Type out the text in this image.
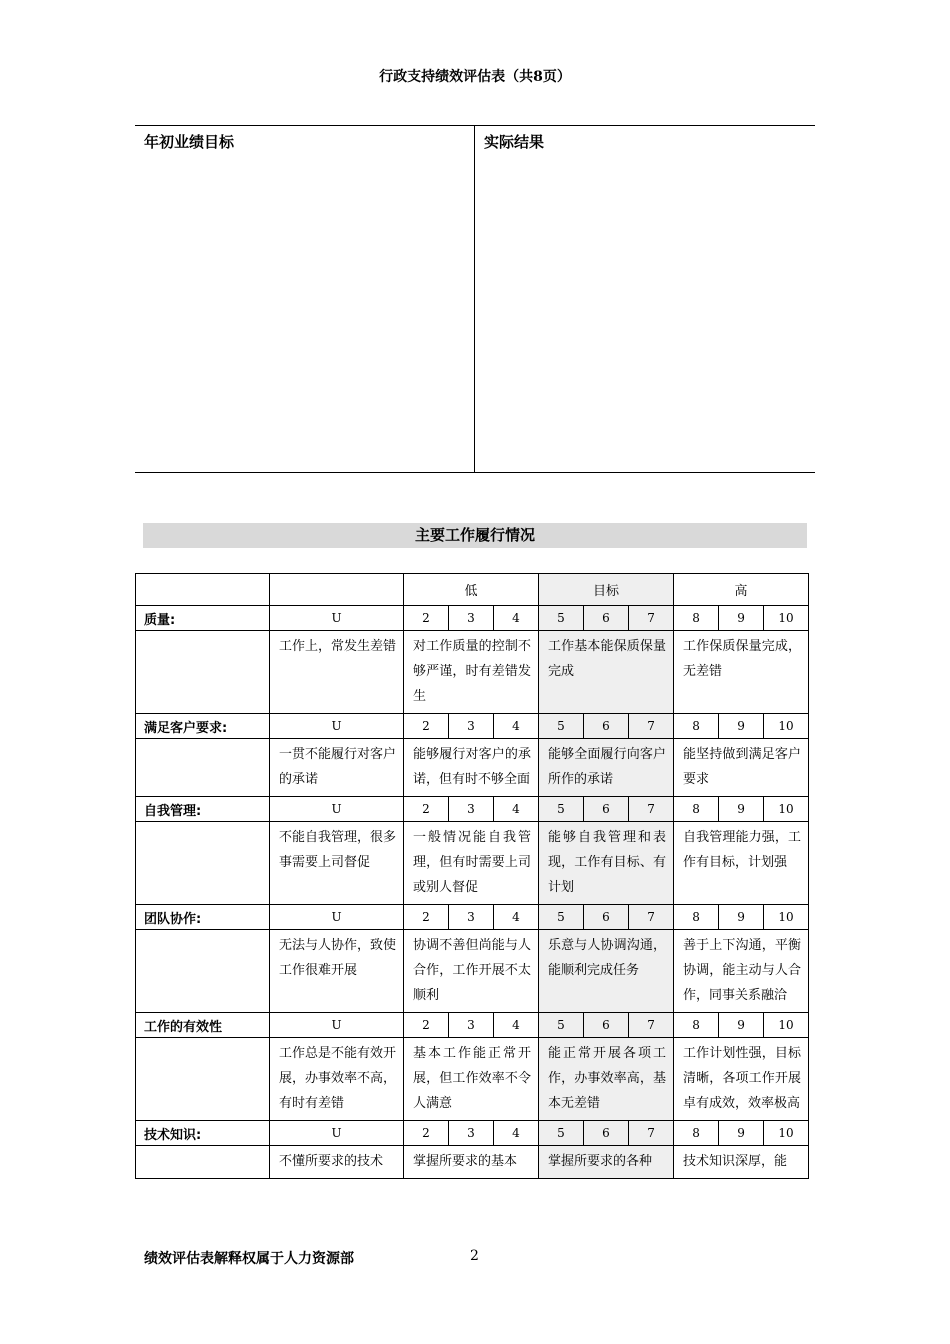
行政支持绩效评估表（共8页）
年初业绩目标	实际结果
主要工作履行情况
		低			目标			高		
质量:	U	2	3	4	5	6	7	8	9	10
	工作上，常发生差错	对工作质量的控制不够严谨，时有差错发生			工作基本能保质保量完成			工作保质保量完成，无差错		
满足客户要求:	U	2	3	4	5	6	7	8	9	10
	一贯不能履行对客户的承诺	能够履行对客户的承诺，但有时不够全面			能够全面履行向客户所作的承诺			能坚持做到满足客户要求		
自我管理:	U	2	3	4	5	6	7	8	9	10
	不能自我管理，很多事需要上司督促	一般情况能自我管理，但有时需要上司或别人督促			能够自我管理和表现，工作有目标、有计划			自我管理能力强，工作有目标，计划强		
团队协作:	U	2	3	4	5	6	7	8	9	10
	无法与人协作，致使工作很难开展	协调不善但尚能与人合作，工作开展不太顺利			乐意与人协调沟通，能顺利完成任务			善于上下沟通，平衡协调，能主动与人合作，同事关系融洽		
工作的有效性	U	2	3	4	5	6	7	8	9	10
	工作总是不能有效开展，办事效率不高，有时有差错	基本工作能正常开展，但工作效率不令人满意			能正常开展各项工作，办事效率高，基本无差错			工作计划性强，目标清晰，各项工作开展卓有成效，效率极高		
技术知识:	U	2	3	4	5	6	7	8	9	10
	不懂所要求的技术	掌握所要求的基本			掌握所要求的各种			技术知识深厚，能		
绩效评估表解释权属于人力资源部	2
